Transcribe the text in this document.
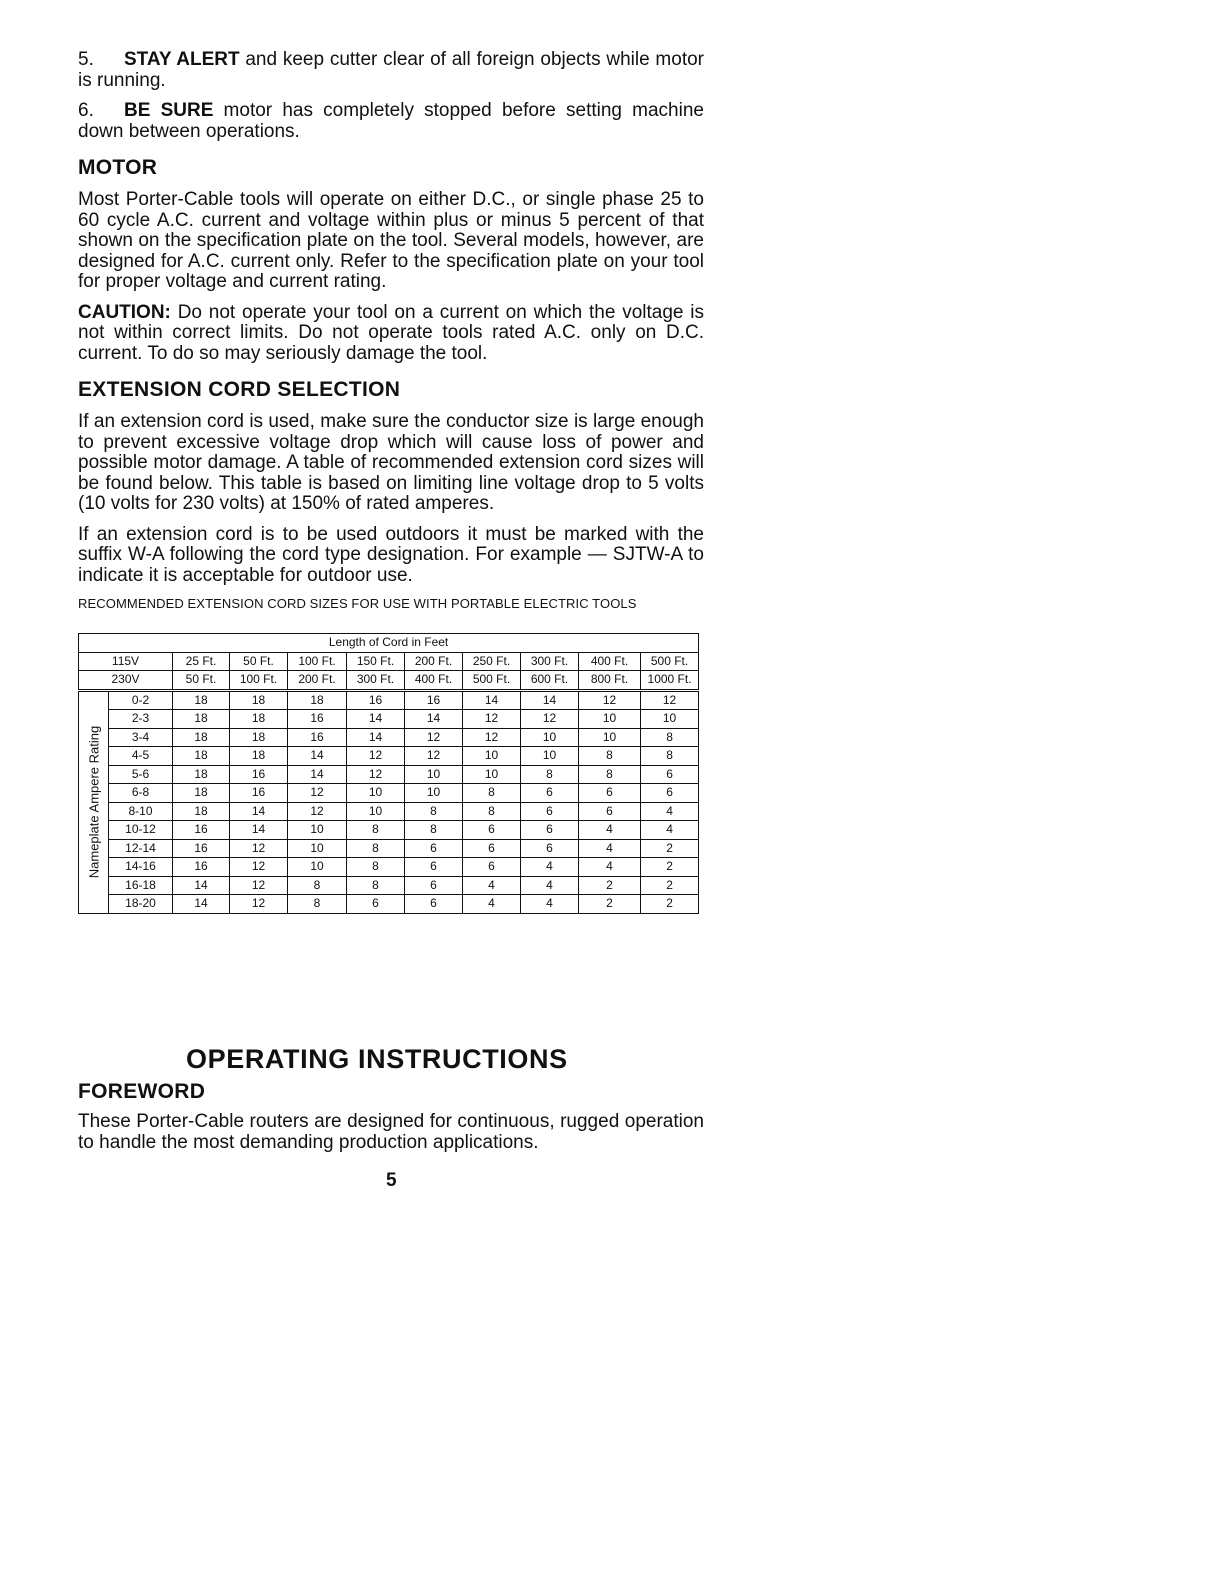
5. STAY ALERT and keep cutter clear of all foreign objects while motor is running.

6. BE SURE motor has completely stopped before setting machine down between operations.

MOTOR

Most Porter-Cable tools will operate on either D.C., or single phase 25 to 60 cycle A.C. current and voltage within plus or minus 5 percent of that shown on the specification plate on the tool. Several models, however, are designed for A.C. current only. Refer to the specification plate on your tool for proper voltage and current rating.

CAUTION: Do not operate your tool on a current on which the voltage is not within correct limits. Do not operate tools rated A.C. only on D.C. current. To do so may seriously damage the tool.

EXTENSION CORD SELECTION

If an extension cord is used, make sure the conductor size is large enough to prevent excessive voltage drop which will cause loss of power and possible motor damage. A table of recommended extension cord sizes will be found below. This table is based on limiting line voltage drop to 5 volts (10 volts for 230 volts) at 150% of rated amperes.

If an extension cord is to be used outdoors it must be marked with the suffix W-A following the cord type designation. For example — SJTW-A to indicate it is acceptable for outdoor use.

RECOMMENDED EXTENSION CORD SIZES FOR USE WITH PORTABLE ELECTRIC TOOLS
Length of Cord in Feet										
115V		25 Ft.	50 Ft.	100 Ft.	150 Ft.	200 Ft.	250 Ft.	300 Ft.	400 Ft.	500 Ft.
230V		50 Ft.	100 Ft.	200 Ft.	300 Ft.	400 Ft.	500 Ft.	600 Ft.	800 Ft.	1000 Ft.

Nameplate Ampere Rating	0-2	18	18	18	16	16	14	14	12	12
	2-3	18	18	16	14	14	12	12	10	10
	3-4	18	18	16	14	12	12	10	10	8
	4-5	18	18	14	12	12	10	10	8	8
	5-6	18	16	14	12	10	10	8	8	6
	6-8	18	16	12	10	10	8	6	6	6
	8-10	18	14	12	10	8	8	6	6	4
	10-12	16	14	10	8	8	6	6	4	4
	12-14	16	12	10	8	6	6	6	4	2
	14-16	16	12	10	8	6	6	4	4	2
	16-18	14	12	8	8	6	4	4	2	2
	18-20	14	12	8	6	6	4	4	2	2
OPERATING INSTRUCTIONS
FOREWORD

These Porter-Cable routers are designed for continuous, rugged operation to handle the most demanding production applications.

5
